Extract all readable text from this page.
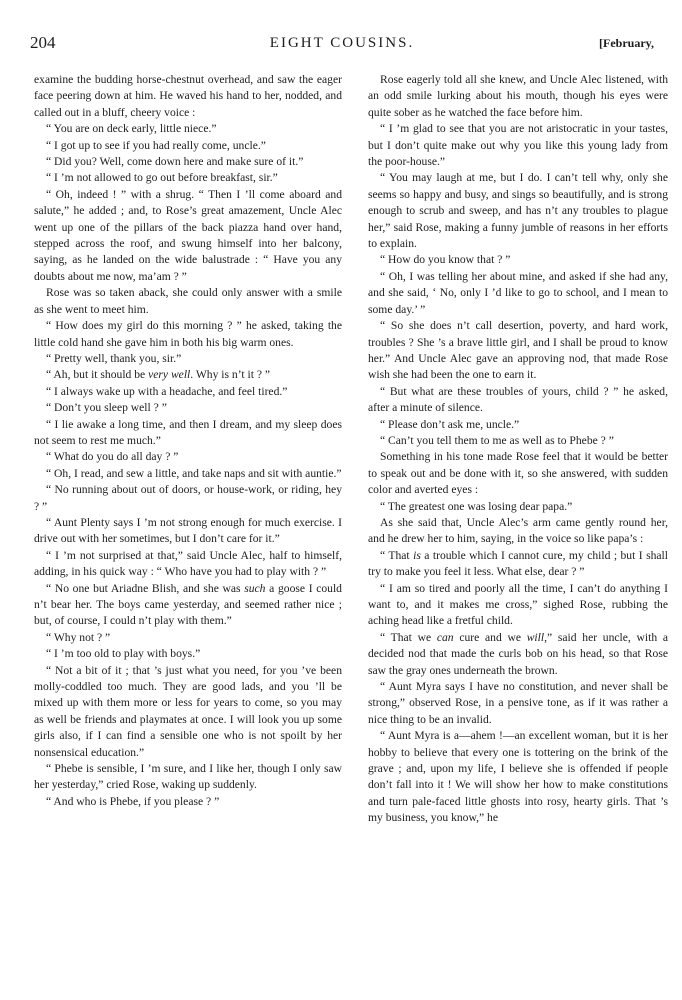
204	EIGHT COUSINS.	[February,

examine the budding horse-chestnut overhead, and saw the eager face peering down at him. He waved his hand to her, nodded, and called out in a bluff, cheery voice :

“ You are on deck early, little niece.”

“ I got up to see if you had really come, uncle.”

“ Did you? Well, come down here and make sure of it.”

“ I ’m not allowed to go out before breakfast, sir.”

“ Oh, indeed ! ” with a shrug. “ Then I ’ll come aboard and salute,” he added ; and, to Rose’s great amazement, Uncle Alec went up one of the pillars of the back piazza hand over hand, stepped across the roof, and swung himself into her balcony, saying, as he landed on the wide balustrade : “ Have you any doubts about me now, ma’am ? ”

Rose was so taken aback, she could only answer with a smile as she went to meet him.

“ How does my girl do this morning ? ” he asked, taking the little cold hand she gave him in both his big warm ones.

“ Pretty well, thank you, sir.”

“ Ah, but it should be very well. Why is n’t it ? ”

“ I always wake up with a headache, and feel tired.”

“ Don’t you sleep well ? ”

“ I lie awake a long time, and then I dream, and my sleep does not seem to rest me much.”

“ What do you do all day ? ”

“ Oh, I read, and sew a little, and take naps and sit with auntie.”

“ No running about out of doors, or house-work, or riding, hey ? ”

“ Aunt Plenty says I ’m not strong enough for much exercise. I drive out with her sometimes, but I don’t care for it.”

“ I ’m not surprised at that,” said Uncle Alec, half to himself, adding, in his quick way : “ Who have you had to play with ? ”

“ No one but Ariadne Blish, and she was such a goose I could n’t bear her. The boys came yesterday, and seemed rather nice ; but, of course, I could n’t play with them.”

“ Why not ? ”

“ I ’m too old to play with boys.”

“ Not a bit of it ; that ’s just what you need, for you ’ve been molly-coddled too much. They are good lads, and you ’ll be mixed up with them more or less for years to come, so you may as well be friends and playmates at once. I will look you up some girls also, if I can find a sensible one who is not spoilt by her nonsensical education.”

“ Phebe is sensible, I ’m sure, and I like her, though I only saw her yesterday,” cried Rose, waking up suddenly.

“ And who is Phebe, if you please ? ”

Rose eagerly told all she knew, and Uncle Alec listened, with an odd smile lurking about his mouth, though his eyes were quite sober as he watched the face before him.

“ I ’m glad to see that you are not aristocratic in your tastes, but I don’t quite make out why you like this young lady from the poor-house.”

“ You may laugh at me, but I do. I can’t tell why, only she seems so happy and busy, and sings so beautifully, and is strong enough to scrub and sweep, and has n’t any troubles to plague her,” said Rose, making a funny jumble of reasons in her efforts to explain.

“ How do you know that ? ”

“ Oh, I was telling her about mine, and asked if she had any, and she said, ‘ No, only I ’d like to go to school, and I mean to some day.’ ”

“ So she does n’t call desertion, poverty, and hard work, troubles ? She ’s a brave little girl, and I shall be proud to know her.” And Uncle Alec gave an approving nod, that made Rose wish she had been the one to earn it.

“ But what are these troubles of yours, child ? ” he asked, after a minute of silence.

“ Please don’t ask me, uncle.”

“ Can’t you tell them to me as well as to Phebe ? ”

Something in his tone made Rose feel that it would be better to speak out and be done with it, so she answered, with sudden color and averted eyes :

“ The greatest one was losing dear papa.”

As she said that, Uncle Alec’s arm came gently round her, and he drew her to him, saying, in the voice so like papa’s :

“ That is a trouble which I cannot cure, my child ; but I shall try to make you feel it less. What else, dear ? ”

“ I am so tired and poorly all the time, I can’t do anything I want to, and it makes me cross,” sighed Rose, rubbing the aching head like a fretful child.

“ That we can cure and we will,” said her uncle, with a decided nod that made the curls bob on his head, so that Rose saw the gray ones underneath the brown.

“ Aunt Myra says I have no constitution, and never shall be strong,” observed Rose, in a pensive tone, as if it was rather a nice thing to be an invalid.

“ Aunt Myra is a—ahem !—an excellent woman, but it is her hobby to believe that every one is tottering on the brink of the grave ; and, upon my life, I believe she is offended if people don’t fall into it ! We will show her how to make constitutions and turn pale-faced little ghosts into rosy, hearty girls. That ’s my business, you know,” he
